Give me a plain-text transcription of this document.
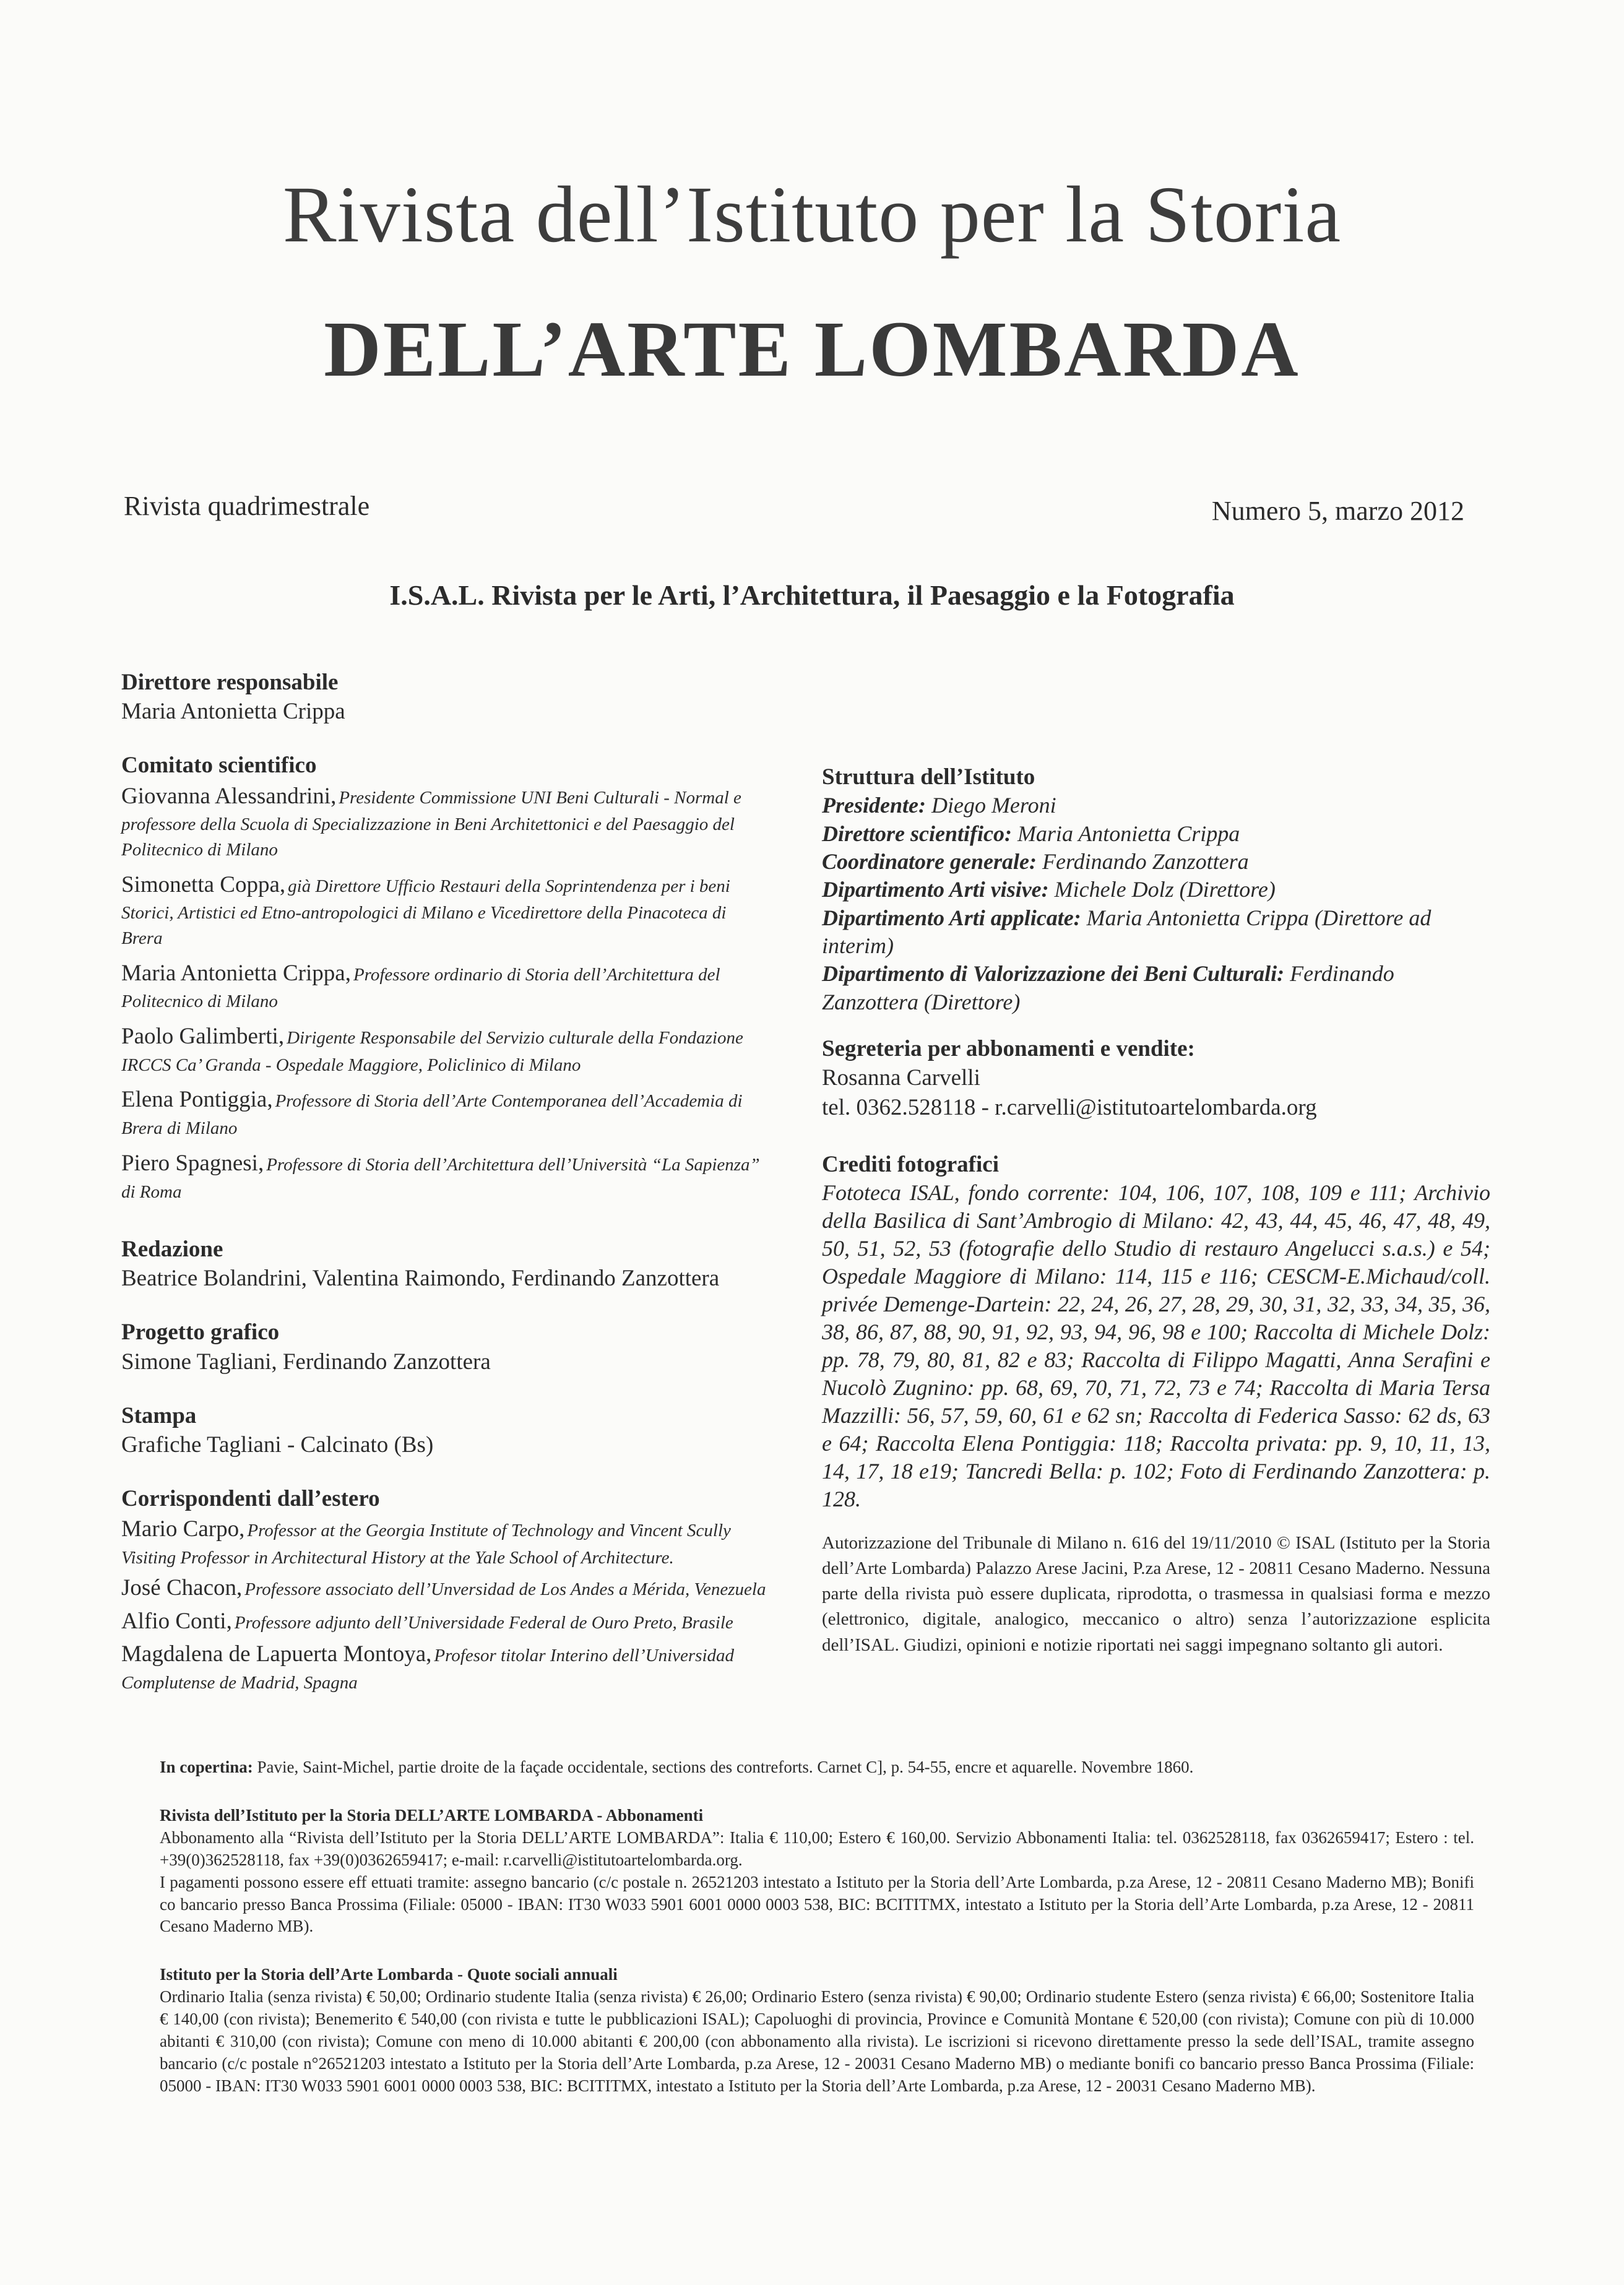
Rivista dell’Istituto per la Storia
DELL’ARTE LOMBARDA
Rivista quadrimestrale	Numero 5, marzo 2012
I.S.A.L. Rivista per le Arti, l’Architettura, il Paesaggio e la Fotografia
Direttore responsabile
Maria Antonietta Crippa
Comitato scientifico
Giovanna Alessandrini, Presidente Commissione UNI Beni Culturali - Normal e professore della Scuola di Specializzazione in Beni Architettonici e del Paesaggio del Politecnico di Milano
Simonetta Coppa, già Direttore Ufficio Restauri della Soprintendenza per i beni Storici, Artistici ed Etno-antropologici di Milano e Vicedirettore della Pinacoteca di Brera
Maria Antonietta Crippa, Professore ordinario di Storia dell’Architettura del Politecnico di Milano
Paolo Galimberti, Dirigente Responsabile del Servizio culturale della Fondazione IRCCS Ca’ Granda - Ospedale Maggiore, Policlinico di Milano
Elena Pontiggia, Professore di Storia dell’Arte Contemporanea dell’Accademia di Brera di Milano
Piero Spagnesi, Professore di Storia dell’Architettura dell’Università “La Sapienza” di Roma
Redazione
Beatrice Bolandrini, Valentina Raimondo, Ferdinando Zanzottera
Progetto grafico
Simone Tagliani, Ferdinando Zanzottera
Stampa
Grafiche Tagliani - Calcinato (Bs)
Corrispondenti dall’estero
Mario Carpo, Professor at the Georgia Institute of Technology and Vincent Scully Visiting Professor in Architectural History at the Yale School of Architecture.
José Chacon, Professore associato dell’Unversidad de Los Andes a Mérida, Venezuela
Alfio Conti, Professore adjunto dell’Universidade Federal de Ouro Preto, Brasile
Magdalena de Lapuerta Montoya, Profesor titolar Interino dell’Universidad Complutense de Madrid, Spagna
Struttura dell’Istituto
Presidente: Diego Meroni
Direttore scientifico: Maria Antonietta Crippa
Coordinatore generale: Ferdinando Zanzottera
Dipartimento Arti visive: Michele Dolz (Direttore)
Dipartimento Arti applicate: Maria Antonietta Crippa (Direttore ad interim)
Dipartimento di Valorizzazione dei Beni Culturali: Ferdinando Zanzottera (Direttore)
Segreteria per abbonamenti e vendite:
Rosanna Carvelli
tel. 0362.528118 - r.carvelli@istitutoartelombarda.org
Crediti fotografici
Fototeca ISAL, fondo corrente: 104, 106, 107, 108, 109 e 111; Archivio della Basilica di Sant’Ambrogio di Milano: 42, 43, 44, 45, 46, 47, 48, 49, 50, 51, 52, 53 (fotografie dello Studio di restauro Angelucci s.a.s.) e 54; Ospedale Maggiore di Milano: 114, 115 e 116; CESCM-E.Michaud/coll. privée Demenge-Dartein: 22, 24, 26, 27, 28, 29, 30, 31, 32, 33, 34, 35, 36, 38, 86, 87, 88, 90, 91, 92, 93, 94, 96, 98 e 100; Raccolta di Michele Dolz: pp. 78, 79, 80, 81, 82 e 83; Raccolta di Filippo Magatti, Anna Serafini e Nucolò Zugnino: pp. 68, 69, 70, 71, 72, 73 e 74; Raccolta di Maria Tersa Mazzilli: 56, 57, 59, 60, 61 e 62 sn; Raccolta di Federica Sasso: 62 ds, 63 e 64; Raccolta Elena Pontiggia: 118; Raccolta privata: pp. 9, 10, 11, 13, 14, 17, 18 e19; Tancredi Bella: p. 102; Foto di Ferdinando Zanzottera: p. 128.
Autorizzazione del Tribunale di Milano n. 616 del 19/11/2010 © ISAL (Istituto per la Storia dell’Arte Lombarda) Palazzo Arese Jacini, P.za Arese, 12 - 20811 Cesano Maderno. Nessuna parte della rivista può essere duplicata, riprodotta, o trasmessa in qualsiasi forma e mezzo (elettronico, digitale, analogico, meccanico o altro) senza l’autorizzazione esplicita dell’ISAL. Giudizi, opinioni e notizie riportati nei saggi impegnano soltanto gli autori.
In copertina: Pavie, Saint-Michel, partie droite de la façade occidentale, sections des contreforts. Carnet C], p. 54-55, encre et aquarelle. Novembre 1860.
Rivista dell’Istituto per la Storia DELL’ARTE LOMBARDA - Abbonamenti
Abbonamento alla “Rivista dell’Istituto per la Storia DELL’ARTE LOMBARDA”: Italia € 110,00; Estero € 160,00. Servizio Abbonamenti Italia: tel. 0362528118, fax 0362659417; Estero : tel. +39(0)362528118, fax +39(0)0362659417; e-mail: r.carvelli@istitutoartelombarda.org.
I pagamenti possono essere eff ettuati tramite: assegno bancario (c/c postale n. 26521203 intestato a Istituto per la Storia dell’Arte Lombarda, p.za Arese, 12 - 20811 Cesano Maderno MB); Bonifi co bancario presso Banca Prossima (Filiale: 05000 - IBAN: IT30 W033 5901 6001 0000 0003 538, BIC: BCITITMX, intestato a Istituto per la Storia dell’Arte Lombarda, p.za Arese, 12 - 20811 Cesano Maderno MB).
Istituto per la Storia dell’Arte Lombarda - Quote sociali annuali
Ordinario Italia (senza rivista) € 50,00; Ordinario studente Italia (senza rivista) € 26,00; Ordinario Estero (senza rivista) € 90,00; Ordinario studente Estero (senza rivista) € 66,00; Sostenitore Italia € 140,00 (con rivista); Benemerito € 540,00 (con rivista e tutte le pubblicazioni ISAL); Capoluoghi di provincia, Province e Comunità Montane € 520,00 (con rivista); Comune con più di 10.000 abitanti € 310,00 (con rivista); Comune con meno di 10.000 abitanti € 200,00 (con abbonamento alla rivista). Le iscrizioni si ricevono direttamente presso la sede dell’ISAL, tramite assegno bancario (c/c postale n°26521203 intestato a Istituto per la Storia dell’Arte Lombarda, p.za Arese, 12 - 20031 Cesano Maderno MB) o mediante bonifi co bancario presso Banca Prossima (Filiale: 05000 - IBAN: IT30 W033 5901 6001 0000 0003 538, BIC: BCITITMX, intestato a Istituto per la Storia dell’Arte Lombarda, p.za Arese, 12 - 20031 Cesano Maderno MB).
